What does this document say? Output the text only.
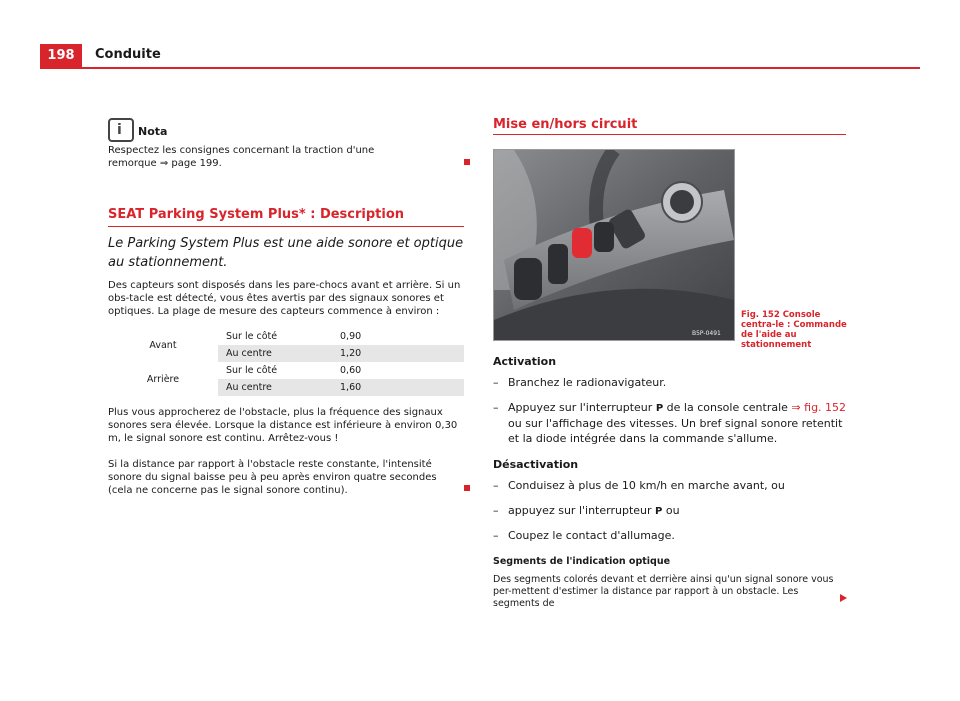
198	Conduite
i Nota
Respectez les consignes concernant la traction d'une remorque ⇒ page 199.
SEAT Parking System Plus* : Description
Le Parking System Plus est une aide sonore et optique au stationnement.
Des capteurs sont disposés dans les pare-chocs avant et arrière. Si un obs-tacle est détecté, vous êtes avertis par des signaux sonores et optiques. La plage de mesure des capteurs commence à environ :
Avant	Sur le côté	0,90
	Au centre	1,20
Arrière	Sur le côté	0,60
	Au centre	1,60
Plus vous approcherez de l'obstacle, plus la fréquence des signaux sonores sera élevée. Lorsque la distance est inférieure à environ 0,30 m, le signal sonore est continu. Arrêtez-vous !
Si la distance par rapport à l'obstacle reste constante, l'intensité sonore du signal baisse peu à peu après environ quatre secondes (cela ne concerne pas le signal sonore continu).
Mise en/hors circuit
B5P-0491
Fig. 152 Console centra-le : Commande de l'aide au stationnement
Activation
– Branchez le radionavigateur.
– Appuyez sur l'interrupteur P de la console centrale ⇒ fig. 152 ou sur l'affichage des vitesses. Un bref signal sonore retentit et la diode intégrée dans la commande s'allume.
Désactivation
– Conduisez à plus de 10 km/h en marche avant, ou
– appuyez sur l'interrupteur P ou
– Coupez le contact d'allumage.
Segments de l'indication optique
Des segments colorés devant et derrière ainsi qu'un signal sonore vous per-mettent d'estimer la distance par rapport à un obstacle. Les segments de
